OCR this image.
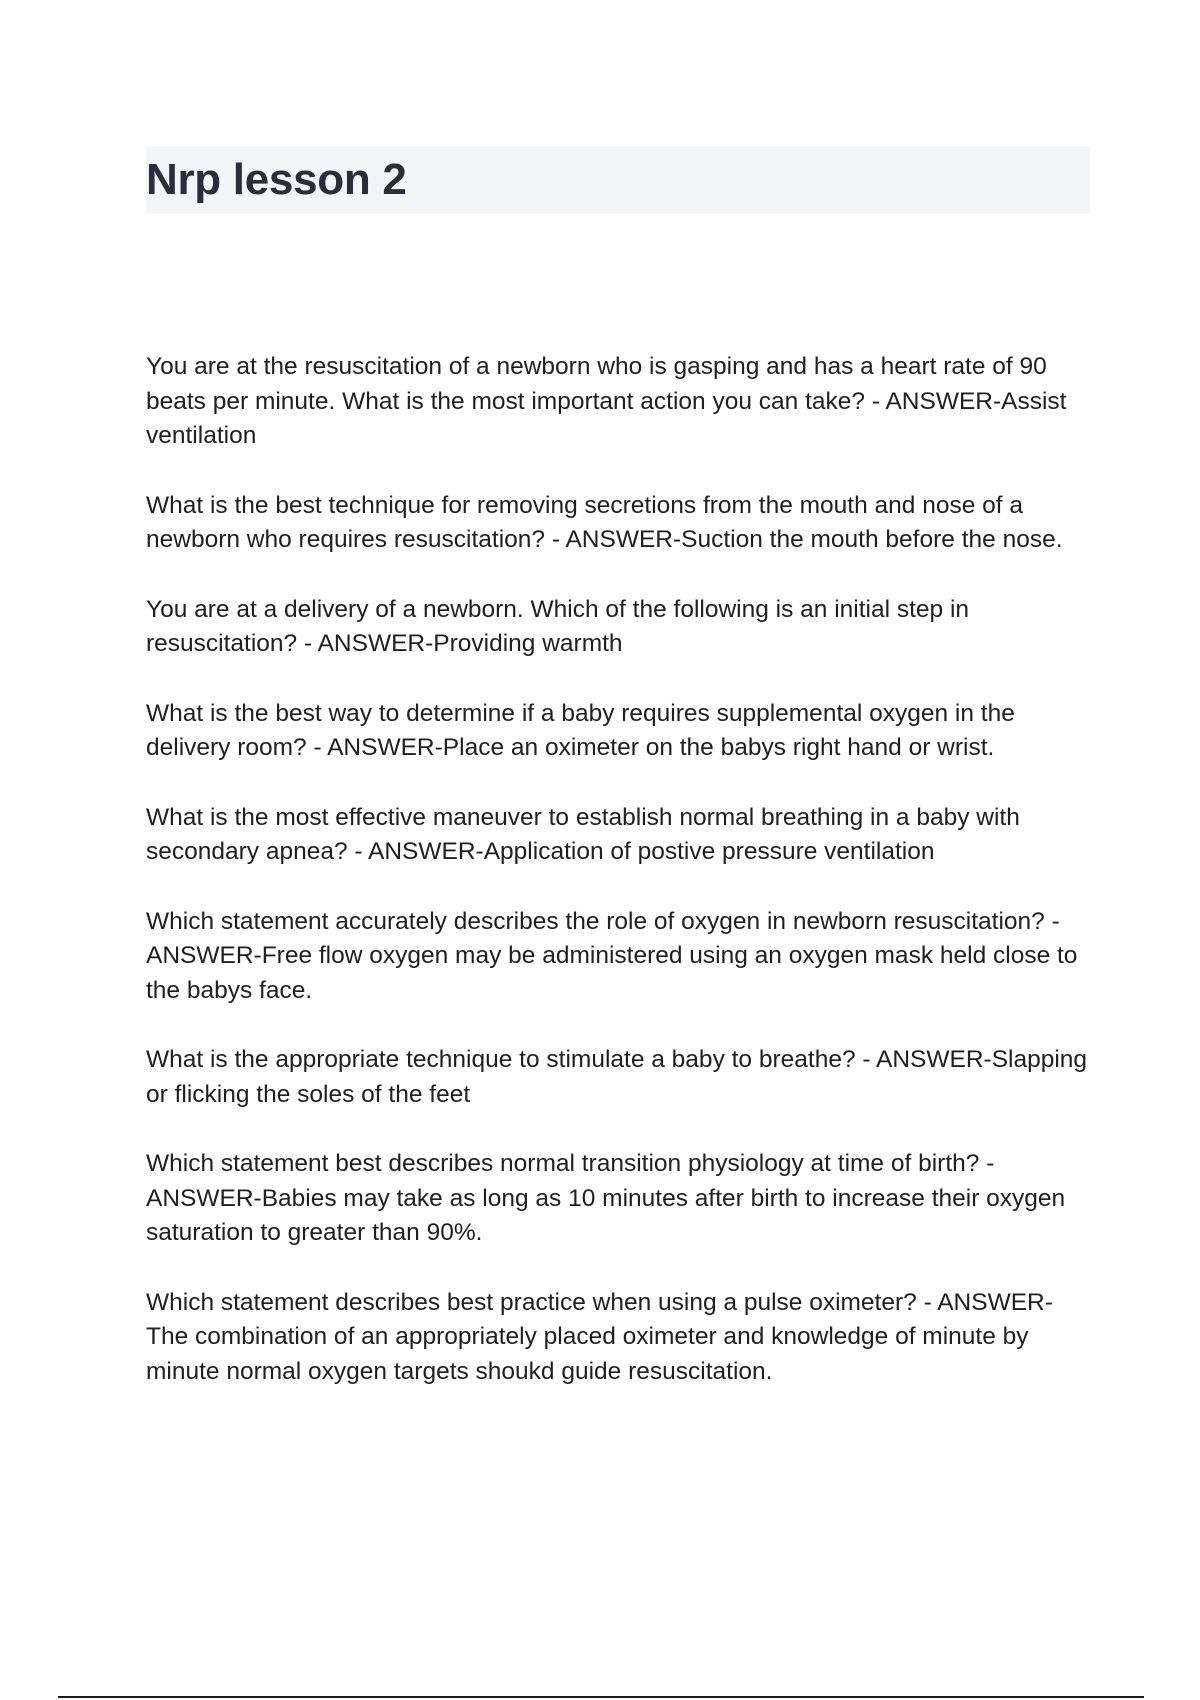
Nrp lesson 2

You are at the resuscitation of a newborn who is gasping and has a heart rate of 90 beats per minute. What is the most important action you can take? - ANSWER-Assist ventilation

What is the best technique for removing secretions from the mouth and nose of a newborn who requires resuscitation? - ANSWER-Suction the mouth before the nose.

You are at a delivery of a newborn. Which of the following is an initial step in resuscitation? - ANSWER-Providing warmth

What is the best way to determine if a baby requires supplemental oxygen in the delivery room? - ANSWER-Place an oximeter on the babys right hand or wrist.

What is the most effective maneuver to establish normal breathing in a baby with secondary apnea? - ANSWER-Application of postive pressure ventilation

Which statement accurately describes the role of oxygen in newborn resuscitation? - ANSWER-Free flow oxygen may be administered using an oxygen mask held close to the babys face.

What is the appropriate technique to stimulate a baby to breathe? - ANSWER-Slapping or flicking the soles of the feet

Which statement best describes normal transition physiology at time of birth? - ANSWER-Babies may take as long as 10 minutes after birth to increase their oxygen saturation to greater than 90%.

Which statement describes best practice when using a pulse oximeter? - ANSWER-The combination of an appropriately placed oximeter and knowledge of minute by minute normal oxygen targets shoukd guide resuscitation.
